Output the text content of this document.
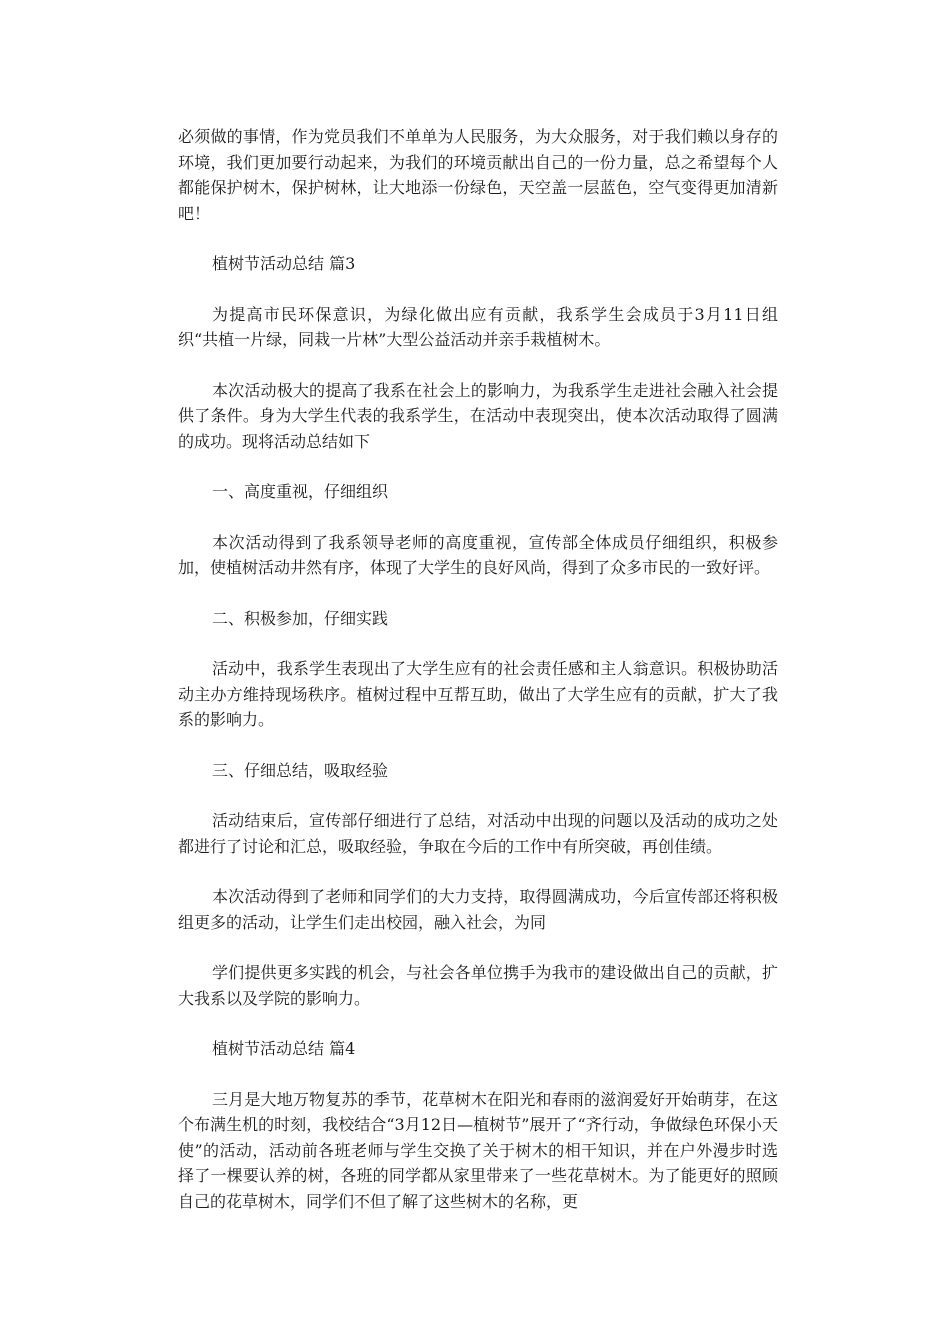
必须做的事情，作为党员我们不单单为人民服务，为大众服务，对于我们赖以身存的环境，我们更加要行动起来，为我们的环境贡献出自己的一份力量，总之希望每个人都能保护树木，保护树林，让大地添一份绿色，天空盖一层蓝色，空气变得更加清新吧！

植树节活动总结 篇3

为提高市民环保意识，为绿化做出应有贡献，我系学生会成员于3月11日组织“共植一片绿，同栽一片林”大型公益活动并亲手栽植树木。

本次活动极大的提高了我系在社会上的影响力，为我系学生走进社会融入社会提供了条件。身为大学生代表的我系学生，在活动中表现突出，使本次活动取得了圆满的成功。现将活动总结如下

一、高度重视，仔细组织

本次活动得到了我系领导老师的高度重视，宣传部全体成员仔细组织，积极参加，使植树活动井然有序，体现了大学生的良好风尚，得到了众多市民的一致好评。

二、积极参加，仔细实践

活动中，我系学生表现出了大学生应有的社会责任感和主人翁意识。积极协助活动主办方维持现场秩序。植树过程中互帮互助，做出了大学生应有的贡献，扩大了我系的影响力。

三、仔细总结，吸取经验

活动结束后，宣传部仔细进行了总结，对活动中出现的问题以及活动的成功之处都进行了讨论和汇总，吸取经验，争取在今后的工作中有所突破，再创佳绩。

本次活动得到了老师和同学们的大力支持，取得圆满成功，今后宣传部还将积极组更多的活动，让学生们走出校园，融入社会，为同

学们提供更多实践的机会，与社会各单位携手为我市的建设做出自己的贡献，扩大我系以及学院的影响力。

植树节活动总结 篇4

三月是大地万物复苏的季节，花草树木在阳光和春雨的滋润爱好开始萌芽，在这个布满生机的时刻，我校结合“3月12日—植树节”展开了“齐行动，争做绿色环保小天使”的活动，活动前各班老师与学生交换了关于树木的相干知识，并在户外漫步时选择了一棵要认养的树，各班的同学都从家里带来了一些花草树木。为了能更好的照顾自己的花草树木，同学们不但了解了这些树木的名称，更
